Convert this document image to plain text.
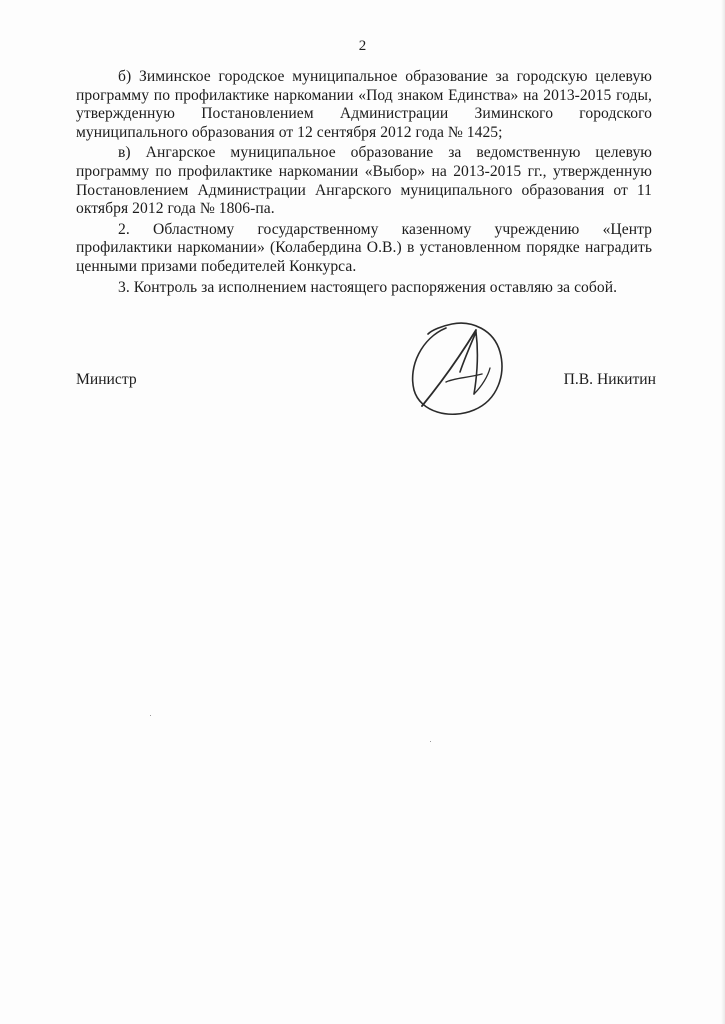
2

б) Зиминское городское муниципальное образование за городскую целевую программу по профилактике наркомании «Под знаком Единства» на 2013-2015 годы, утвержденную Постановлением Администрации Зиминского городского муниципального образования от 12 сентября 2012 года № 1425;

в) Ангарское муниципальное образование за ведомственную целевую программу по профилактике наркомании «Выбор» на 2013-2015 гг., утвержденную Постановлением Администрации Ангарского муниципального образования от 11 октября 2012 года № 1806-па.

2. Областному государственному казенному учреждению «Центр профилактики наркомании» (Колабердина О.В.) в установленном порядке наградить ценными призами победителей Конкурса.

3. Контроль за исполнением настоящего распоряжения оставляю за собой.

Министр	П.В. Никитин
